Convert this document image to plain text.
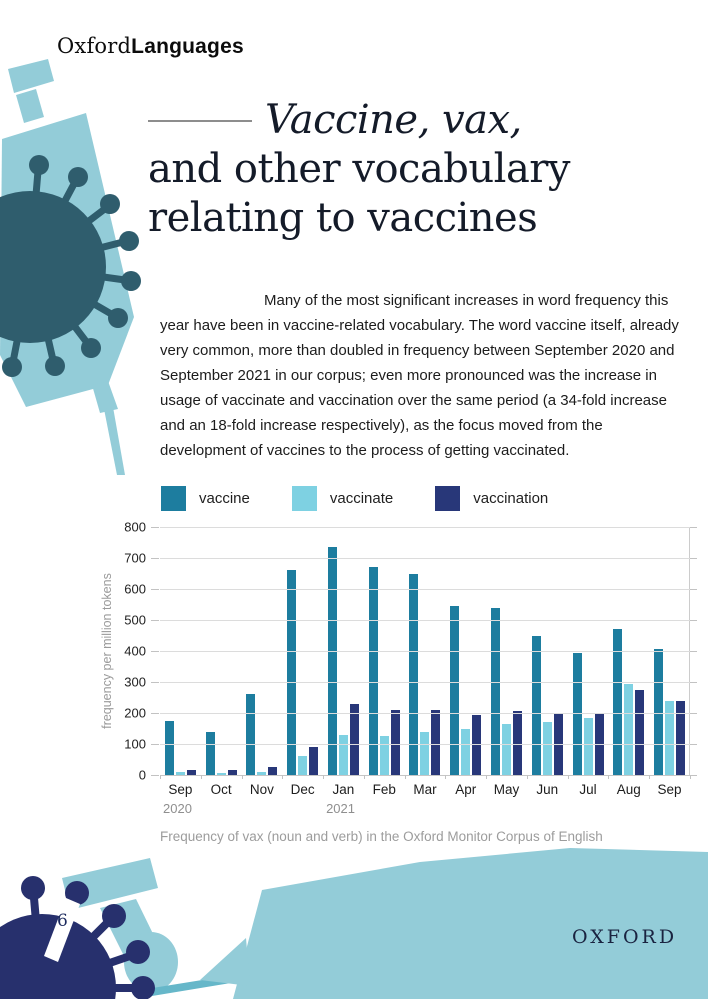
OxfordLanguages
Vaccine, vax,
and other vocabulary
relating to vaccines

Many of the most significant increases in word frequency this year have been in vaccine-related vocabulary. The word vaccine itself, already very common, more than doubled in frequency between September 2020 and September 2021 in our corpus; even more pronounced was the increase in usage of vaccinate and vaccination over the same period (a 34-fold increase and an 18-fold increase respectively), as the focus moved from the development of vaccines to the process of getting vaccinated.

vaccine	vaccinate	vaccination
frequency per million tokens
0
100
200
300
400
500
600
700
800
Sep	Oct	Nov	Dec	Jan	Feb	Mar	Apr	May	Jun	Jul	Aug	Sep
2020	2021
Frequency of vax (noun and verb) in the Oxford Monitor Corpus of English
6
OXFORD
